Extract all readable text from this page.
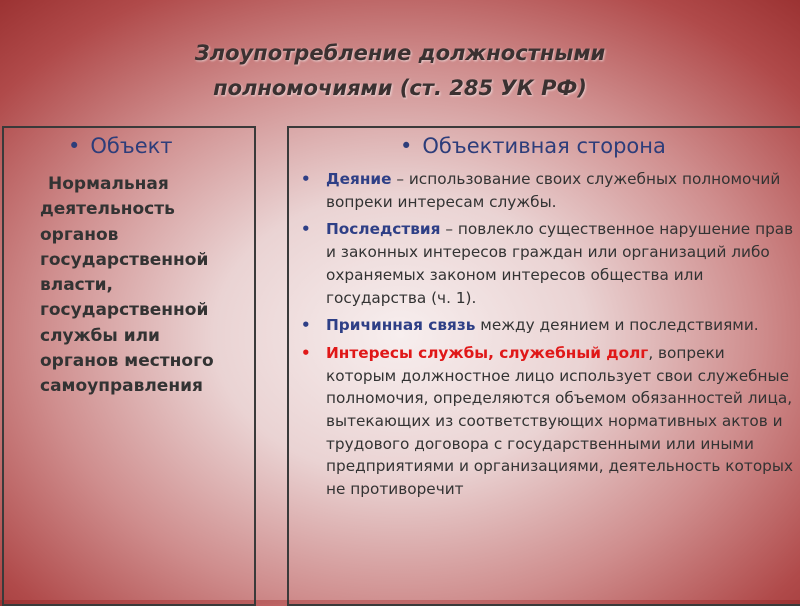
Злоупотребление должностными
полномочиями (ст. 285 УК РФ)
• Объект

Нормальная
деятельность
органов
государственной
власти,
государственной
службы или
органов местного
самоуправления

• Объективная сторона
• Деяние – использование своих служебных полномочий вопреки интересам службы.
• Последствия – повлекло существенное нарушение прав и законных интересов граждан или организаций либо охраняемых законом интересов общества или государства (ч. 1).
• Причинная связь между деянием и последствиями.
• Интересы службы, служебный долг, вопреки которым должностное лицо использует свои служебные полномочия, определяются объемом обязанностей лица, вытекающих из соответствующих нормативных актов и трудового договора с государственными или иными предприятиями и организациями, деятельность которых не противоречит
